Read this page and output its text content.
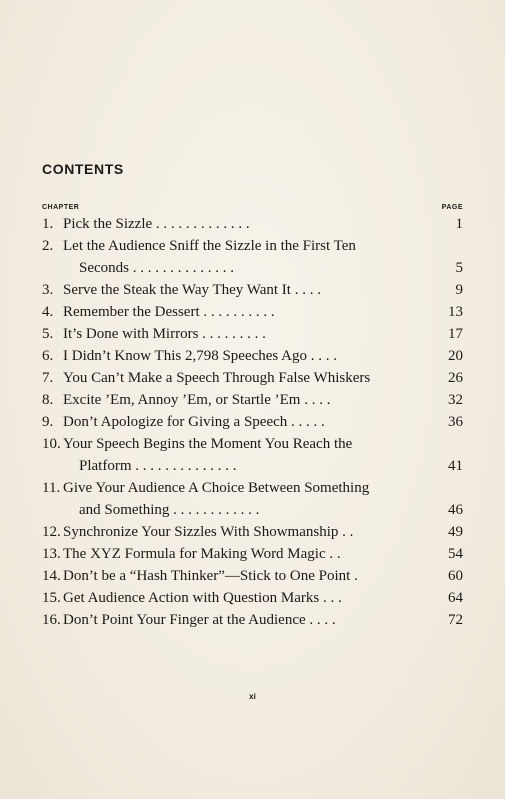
CONTENTS
CHAPTER	PAGE
1. Pick the Sizzle . . . . . . . . . . . . .	1
2. Let the Audience Sniff the Sizzle in the First Ten
Seconds . . . . . . . . . . . . . .	5
3. Serve the Steak the Way They Want It . . . .	9
4. Remember the Dessert . . . . . . . . . .	13
5. It’s Done with Mirrors . . . . . . . . .	17
6. I Didn’t Know This 2,798 Speeches Ago . . . .	20
7. You Can’t Make a Speech Through False Whiskers	26
8. Excite ’Em, Annoy ’Em, or Startle ’Em . . . .	32
9. Don’t Apologize for Giving a Speech . . . . .	36
10. Your Speech Begins the Moment You Reach the
Platform . . . . . . . . . . . . . .	41
11. Give Your Audience A Choice Between Something
and Something . . . . . . . . . . . .	46
12. Synchronize Your Sizzles With Showmanship . .	49
13. The XYZ Formula for Making Word Magic . .	54
14. Don’t be a “Hash Thinker”—Stick to One Point .	60
15. Get Audience Action with Question Marks . . .	64
16. Don’t Point Your Finger at the Audience . . . .	72
xi
